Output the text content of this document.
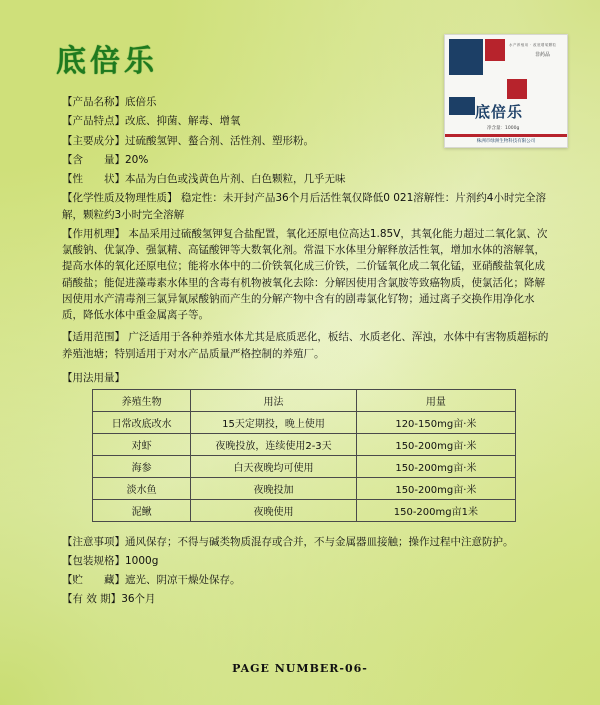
底倍乐	水产养殖用 · 改底增氧颗粒
非药品
底倍乐
净含量：1000g
株洲市绿洲生物科技有限公司
【产品名称】 底倍乐
【产品特点】 改底、抑菌、解毒、增氧
【主要成分】 过硫酸氢钾、螯合剂、活性剂、塑形粉。
【含　　量】 20%
【性　　状】 本品为白色或浅黄色片剂、白色颗粒，几乎无味
【化学性质及物理性质】 稳定性：未开封产品36个月后活性氧仅降低0 021溶解性：片剂约4小时完全溶解，颗粒约3小时完全溶解
【作用机理】 本品采用过硫酸氢钾复合盐配置，氧化还原电位高达1.85V，其氧化能力超过二氧化氯、次氯酸钠、优氯净、强氯精、高锰酸钾等大数氧化剂。常温下水体里分解释放活性氧，增加水体的溶解氧，提高水体的氧化还原电位；能将水体中的二价铁氧化成三价铁，二价锰氧化成二氧化锰，亚硝酸盐氧化成硝酸盐；能促进藻毒素水体里的含毒有机物被氧化去除：分解因使用含氯胺等致癌物质，使氯活化；降解因使用水产清毒剂三氯异氰尿酸钠而产生的分解产物中含有的剧毒氯化钌物；通过离子交换作用净化水质，降低水体中重金属离子等。
【适用范围】 广泛适用于各种养殖水体尤其是底质恶化，板结、水质老化、浑浊，水体中有害物质超标的养殖池塘；特别适用于对水产品质量严格控制的养殖厂。
【用法用量】
养殖生物	用法	用量
日常改底改水	15天定期投，晚上使用	120-150mg亩·米
对虾	夜晚投放，连续使用2-3天	150-200mg亩·米
海参	白天夜晚均可使用	150-200mg亩·米
淡水鱼	夜晚投加	150-200mg亩·米
泥鳅	夜晚使用	150-200mg亩1米
【注意事项】 通风保存；不得与碱类物质混存或合并，不与金属器皿接触；操作过程中注意防护。
【包装规格】 1000g
【贮　　藏】 遮光、阴凉干燥处保存。
【有 效 期】 36个月
PAGE NUMBER-06-
